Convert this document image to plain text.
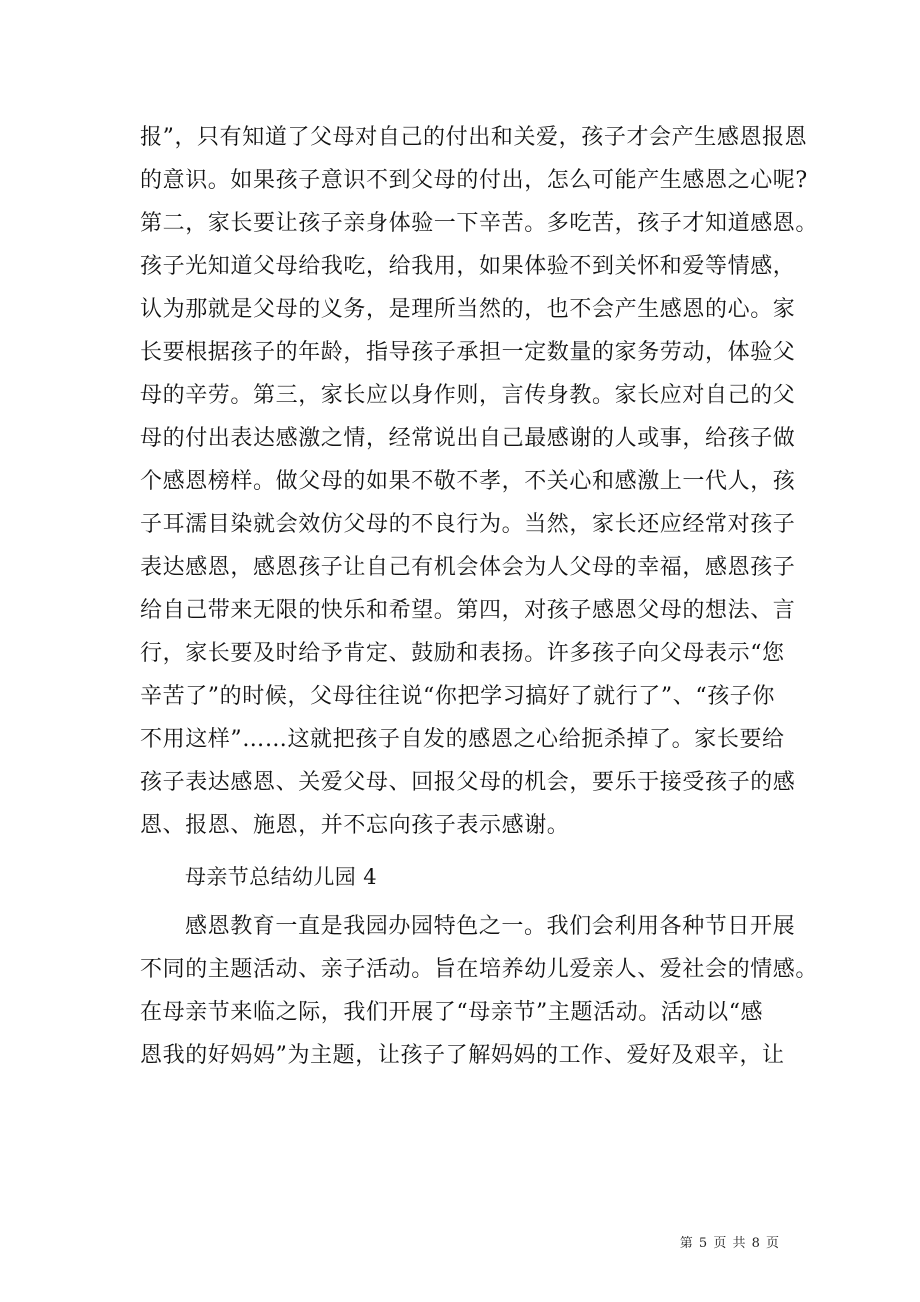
报”，只有知道了父母对自己的付出和关爱，孩子才会产生感恩报恩
的意识。如果孩子意识不到父母的付出，怎么可能产生感恩之心呢?
第二，家长要让孩子亲身体验一下辛苦。多吃苦，孩子才知道感恩。
孩子光知道父母给我吃，给我用，如果体验不到关怀和爱等情感，
认为那就是父母的义务，是理所当然的，也不会产生感恩的心。家
长要根据孩子的年龄，指导孩子承担一定数量的家务劳动，体验父
母的辛劳。第三，家长应以身作则，言传身教。家长应对自己的父
母的付出表达感激之情，经常说出自己最感谢的人或事，给孩子做
个感恩榜样。做父母的如果不敬不孝，不关心和感激上一代人，孩
子耳濡目染就会效仿父母的不良行为。当然，家长还应经常对孩子
表达感恩，感恩孩子让自己有机会体会为人父母的幸福，感恩孩子
给自己带来无限的快乐和希望。第四，对孩子感恩父母的想法、言
行，家长要及时给予肯定、鼓励和表扬。许多孩子向父母表示“您
辛苦了”的时候，父母往往说“你把学习搞好了就行了”、“孩子你
不用这样”……这就把孩子自发的感恩之心给扼杀掉了。家长要给
孩子表达感恩、关爱父母、回报父母的机会，要乐于接受孩子的感
恩、报恩、施恩，并不忘向孩子表示感谢。
母亲节总结幼儿园 4
感恩教育一直是我园办园特色之一。我们会利用各种节日开展
不同的主题活动、亲子活动。旨在培养幼儿爱亲人、爱社会的情感。
在母亲节来临之际，我们开展了“母亲节”主题活动。活动以“感
恩我的好妈妈”为主题，让孩子了解妈妈的工作、爱好及艰辛，让
第 5 页 共 8 页
